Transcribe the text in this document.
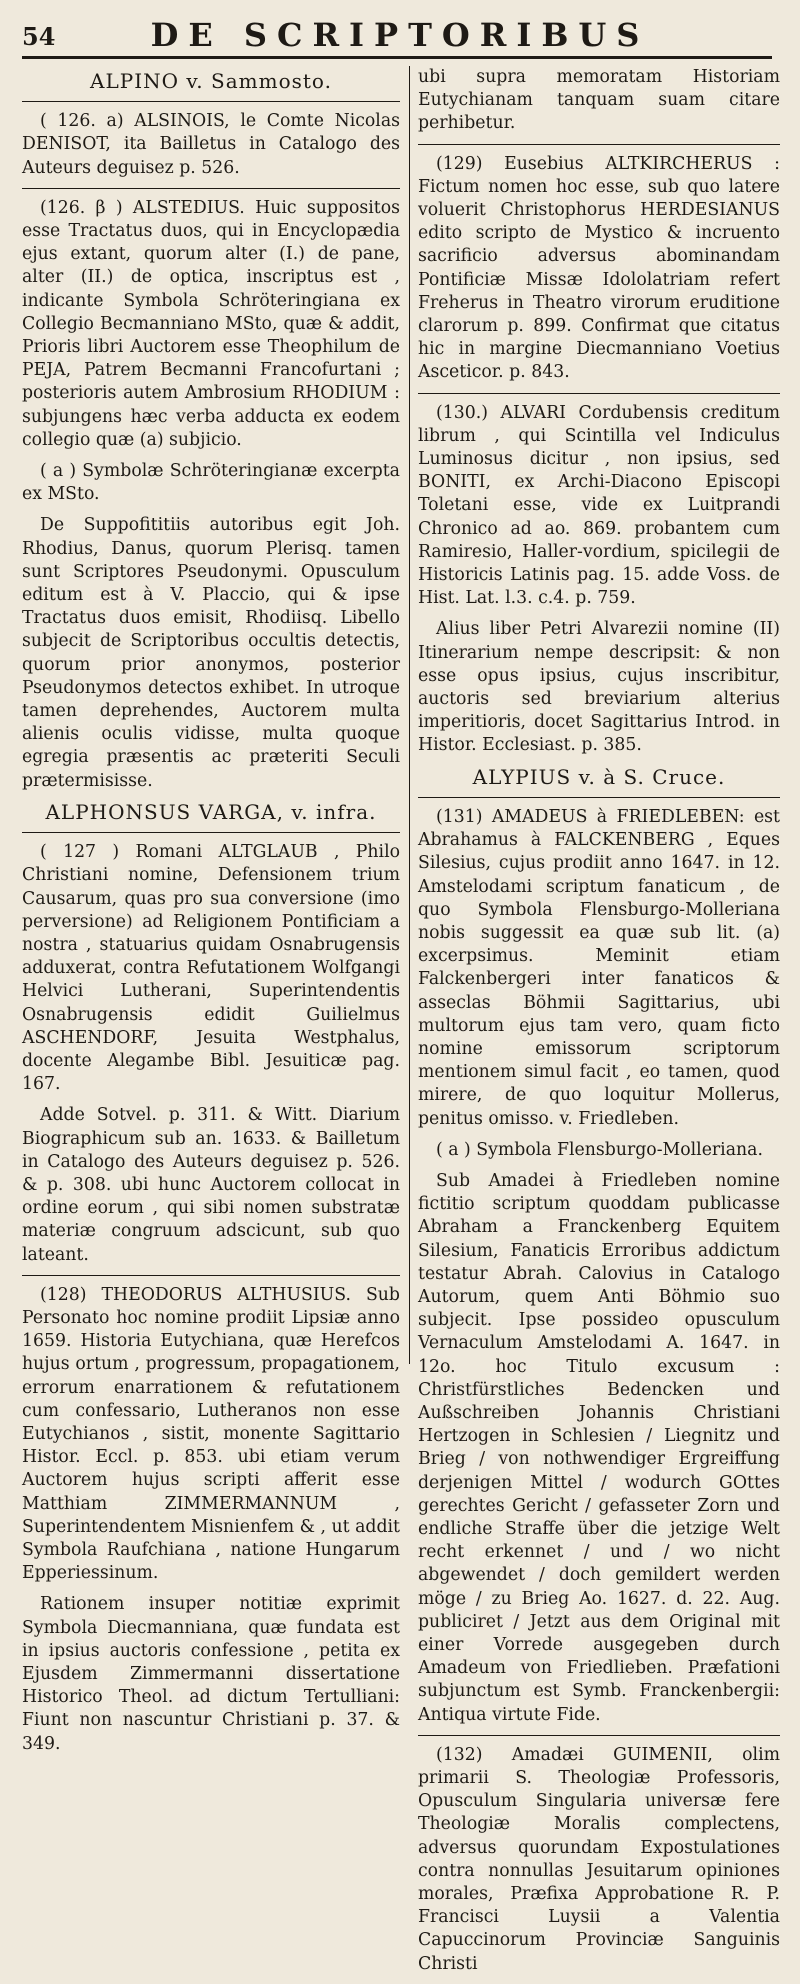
54	DE SCRIPTORIBUS
ALPINO v. Sammosto.

( 126. a) ALSINOIS, le Comte Nicolas DENISOT, ita Bailletus in Catalogo des Auteurs deguisez p. 526.

(126. β ) ALSTEDIUS. Huic suppositos esse Tractatus duos, qui in Encyclopædia ejus extant, quorum alter (I.) de pane, alter (II.) de optica, inscriptus est , indicante Symbola Schröteringiana ex Collegio Becmanniano MSto, quæ & addit, Prioris libri Auctorem esse Theophilum de PEJA, Patrem Becmanni Francofurtani ; posterioris autem Ambrosium RHODIUM : subjungens hæc verba adducta ex eodem collegio quæ (a) subjicio.

( a ) Symbolæ Schröteringianæ excerpta ex MSto.

De Suppofititiis autoribus egit Joh. Rhodius, Danus, quorum Plerisq. tamen sunt Scriptores Pseudonymi. Opusculum editum est à V. Placcio, qui & ipse Tractatus duos emisit, Rhodiisq. Libello subjecit de Scriptoribus occultis detectis, quorum prior anonymos, posterior Pseudonymos detectos exhibet. In utroque tamen deprehendes, Auctorem multa alienis oculis vidisse, multa quoque egregia præsentis ac præteriti Seculi prætermisisse.

ALPHONSUS VARGA, v. infra.

( 127 ) Romani ALTGLAUB , Philo Christiani nomine, Defensionem trium Causarum, quas pro sua conversione (imo perversione) ad Religionem Pontificiam a nostra , statuarius quidam Osnabrugensis adduxerat, contra Refutationem Wolfgangi Helvici Lutherani, Superintendentis Osnabrugensis edidit Guilielmus ASCHENDORF, Jesuita Westphalus, docente Alegambe Bibl. Jesuiticæ pag. 167.

Adde Sotvel. p. 311. & Witt. Diarium Biographicum sub an. 1633. & Bailletum in Catalogo des Auteurs deguisez p. 526. & p. 308. ubi hunc Auctorem collocat in ordine eorum , qui sibi nomen substratæ materiæ congruum adscicunt, sub quo lateant.

(128) THEODORUS ALTHUSIUS. Sub Personato hoc nomine prodiit Lipsiæ anno 1659. Historia Eutychiana, quæ Herefcos hujus ortum , progressum, propagationem, errorum enarrationem & refutationem cum confessario, Lutheranos non esse Eutychianos , sistit, monente Sagittario Histor. Eccl. p. 853. ubi etiam verum Auctorem hujus scripti afferit esse Matthiam ZIMMERMANNUM , Superintendentem Misnienfem & , ut addit Symbola Raufchiana , natione Hungarum Epperiessinum.

Rationem insuper notitiæ exprimit Symbola Diecmanniana, quæ fundata est in ipsius auctoris confessione , petita ex Ejusdem Zimmermanni dissertatione Historico Theol. ad dictum Tertulliani: Fiunt non nascuntur Christiani p. 37. & 349.

ubi supra memoratam Historiam Eutychianam tanquam suam citare perhibetur.

(129) Eusebius ALTKIRCHERUS : Fictum nomen hoc esse, sub quo latere voluerit Christophorus HERDESIANUS edito scripto de Mystico & incruento sacrificio adversus abominandam Pontificiæ Missæ Idololatriam refert Freherus in Theatro virorum eruditione clarorum p. 899. Confirmat que citatus hic in margine Diecmanniano Voetius Asceticor. p. 843.

(130.) ALVARI Cordubensis creditum librum , qui Scintilla vel Indiculus Luminosus dicitur , non ipsius, sed BONITI, ex Archi-Diacono Episcopi Toletani esse, vide ex Luitprandi Chronico ad ao. 869. probantem cum Ramiresio, Haller-vordium, spicilegii de Historicis Latinis pag. 15. adde Voss. de Hist. Lat. l.3. c.4. p. 759.

Alius liber Petri Alvarezii nomine (II) Itinerarium nempe descripsit: & non esse opus ipsius, cujus inscribitur, auctoris sed breviarium alterius imperitioris, docet Sagittarius Introd. in Histor. Ecclesiast. p. 385.

ALYPIUS v. à S. Cruce.

(131) AMADEUS à FRIEDLEBEN: est Abrahamus à FALCKENBERG , Eques Silesius, cujus prodiit anno 1647. in 12. Amstelodami scriptum fanaticum , de quo Symbola Flensburgo-Molleriana nobis suggessit ea quæ sub lit. (a) excerpsimus. Meminit etiam Falckenbergeri inter fanaticos & asseclas Böhmii Sagittarius, ubi multorum ejus tam vero, quam ficto nomine emissorum scriptorum mentionem simul facit , eo tamen, quod mirere, de quo loquitur Mollerus, penitus omisso. v. Friedleben.

( a ) Symbola Flensburgo-Molleriana.

Sub Amadei à Friedleben nomine fictitio scriptum quoddam publicasse Abraham a Franckenberg Equitem Silesium, Fanaticis Erroribus addictum testatur Abrah. Calovius in Catalogo Autorum, quem Anti Böhmio suo subjecit. Ipse possideo opusculum Vernaculum Amstelodami A. 1647. in 12o. hoc Titulo excusum : Christfürstliches Bedencken und Außschreiben Johannis Christiani Hertzogen in Schlesien / Liegnitz und Brieg / von nothwendiger Ergreiffung derjenigen Mittel / wodurch GOttes gerechtes Gericht / gefasseter Zorn und endliche Straffe über die jetzige Welt recht erkennet / und / wo nicht abgewendet / doch gemildert werden möge / zu Brieg Ao. 1627. d. 22. Aug. publiciret / Jetzt aus dem Original mit einer Vorrede ausgegeben durch Amadeum von Friedlieben. Præfationi subjunctum est Symb. Franckenbergii: Antiqua virtute Fide.

(132) Amadæi GUIMENII, olim primarii S. Theologiæ Professoris, Opusculum Singularia universæ fere Theologiæ Moralis complectens, adversus quorundam Expostulationes contra nonnullas Jesuitarum opiniones morales, Præfixa Approbatione R. P. Francisci Luysii a Valentia Capuccinorum Provinciæ Sanguinis Christi
